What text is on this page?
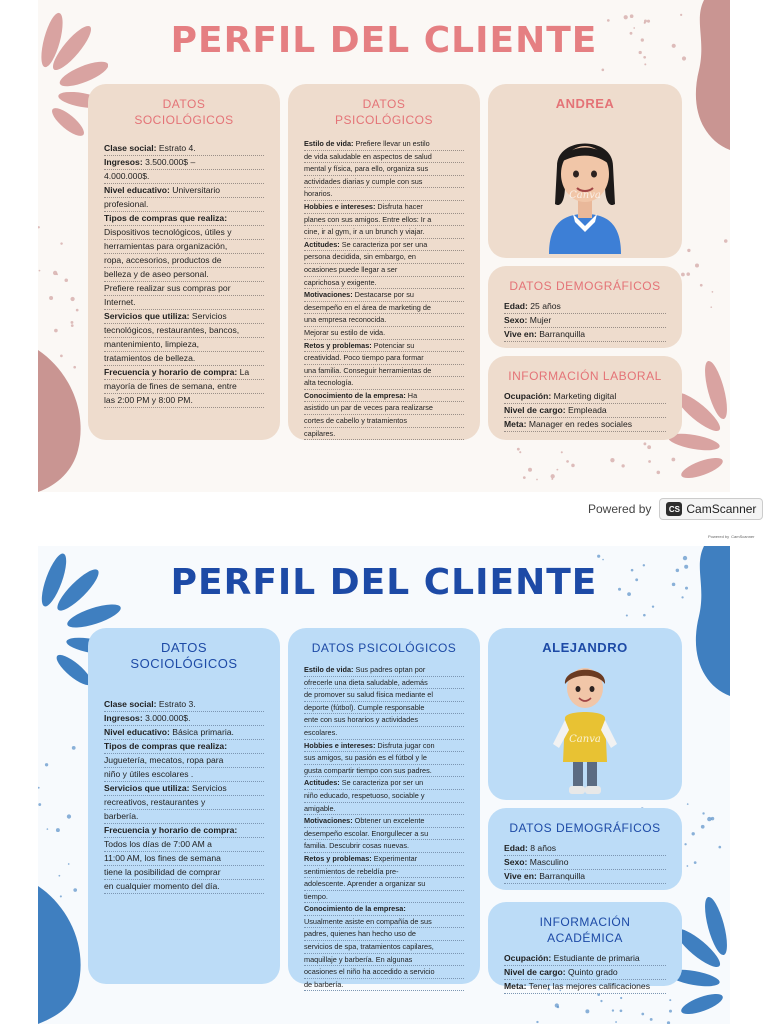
PERFIL DEL CLIENTE
DATOS
SOCIOLÓGICOS
Clase social: Estrato 4.
Ingresos: 3.500.000$ –
4.000.000$.
Nivel educativo: Universitario
profesional.
Tipos de compras que realiza:
Dispositivos tecnológicos, útiles y
herramientas para organización,
ropa, accesorios, productos de
belleza y de aseo personal.
Prefiere realizar sus compras por
Internet.
Servicios que utiliza: Servicios
tecnológicos, restaurantes, bancos,
mantenimiento, limpieza,
tratamientos de belleza.
Frecuencia y horario de compra: La
mayoría de fines de semana, entre
las 2:00 PM y 8:00 PM.
DATOS
PSICOLÓGICOS
Estilo de vida: Prefiere llevar un estilo
de vida saludable en aspectos de salud
mental y física, para ello, organiza sus
actividades diarias y cumple con sus
horarios.
Hobbies e intereses: Disfruta hacer
planes con sus amigos. Entre ellos: Ir a
cine, ir al gym, ir a un brunch y viajar.
Actitudes: Se caracteriza por ser una
persona decidida, sin embargo, en
ocasiones puede llegar a ser
caprichosa y exigente.
Motivaciones: Destacarse por su
desempeño en el área de marketing de
una empresa reconocida.
Mejorar su estilo de vida.
Retos y problemas: Potenciar su
creatividad. Poco tiempo para formar
una familia. Conseguir herramientas de
alta tecnología.
Conocimiento de la empresa: Ha
asistido un par de veces para realizarse
cortes de cabello y tratamientos
capilares.
ANDREA
Canva
DATOS DEMOGRÁFICOS
Edad: 25 años
Sexo: Mujer
Vive en: Barranquilla
INFORMACIÓN LABORAL
Ocupación: Marketing digital
Nivel de cargo: Empleada
Meta: Manager en redes sociales
Powered by	CS CamScanner
Powered by CamScanner
PERFIL DEL CLIENTE
DATOS
SOCIOLÓGICOS
Clase social: Estrato 3.
Ingresos: 3.000.000$.
Nivel educativo: Básica primaria.
Tipos de compras que realiza:
Juguetería, mecatos, ropa para
niño y útiles escolares .
Servicios que utiliza: Servicios
recreativos, restaurantes y
barbería.
Frecuencia y horario de compra:
Todos los días de 7:00 AM a
11:00 AM, los fines de semana
tiene la posibilidad de comprar
en cualquier momento del día.
DATOS PSICOLÓGICOS
Estilo de vida: Sus padres optan por
ofrecerle una dieta saludable, además
de promover su salud física mediante el
deporte (fútbol). Cumple responsable
ente con sus horarios y actividades
escolares.
Hobbies e intereses: Disfruta jugar con
sus amigos, su pasión es el fútbol y le
gusta compartir tiempo con sus padres.
Actitudes: Se caracteriza por ser un
niño educado, respetuoso, sociable y
amigable.
Motivaciones: Obtener un excelente
desempeño escolar. Enorgullecer a su
familia. Descubrir cosas nuevas.
Retos y problemas: Experimentar
sentimientos de rebeldía pre-
adolescente. Aprender a organizar su
tiempo.
Conocimiento de la empresa:
Usualmente asiste en compañía de sus
padres, quienes han hecho uso de
servicios de spa, tratamientos capilares,
maquillaje y barbería. En algunas
ocasiones el niño ha accedido a servicio
de barbería.
ALEJANDRO
Canva
DATOS DEMOGRÁFICOS
Edad: 8 años
Sexo: Masculino
Vive en: Barranquilla
INFORMACIÓN ACADÉMICA
Ocupación: Estudiante de primaria
Nivel de cargo: Quinto grado
Meta: Tener las mejores calificaciones
